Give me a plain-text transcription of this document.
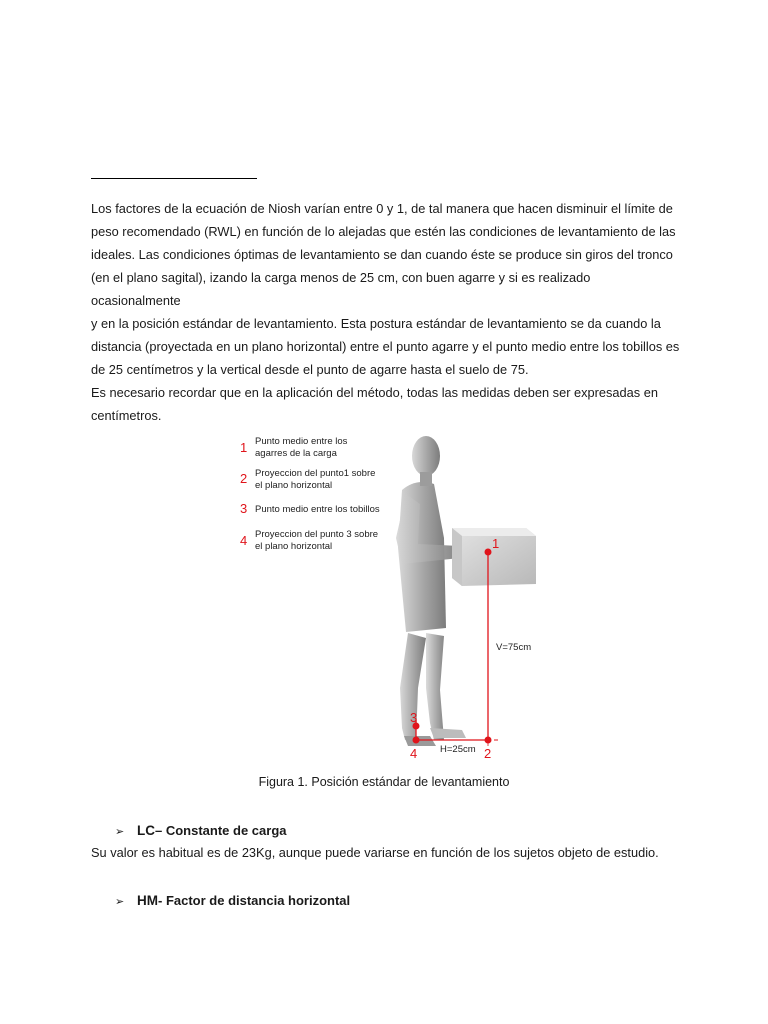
Los factores de la ecuación de Niosh varían entre 0 y 1, de tal manera que hacen disminuir el límite de

peso recomendado (RWL) en función de lo alejadas que estén las condiciones de levantamiento de las

ideales. Las condiciones óptimas de levantamiento se dan cuando éste se produce sin giros del tronco

(en el plano sagital), izando la carga menos de 25 cm, con buen agarre y si es realizado ocasionalmente

y en la posición estándar de levantamiento. Esta postura estándar de levantamiento se da cuando la

distancia (proyectada en un plano horizontal) entre el punto agarre y el punto medio entre los tobillos es

de 25 centímetros y la vertical desde el punto de agarre hasta el suelo de 75.

Es necesario recordar que en la aplicación del método, todas las medidas deben ser expresadas en

centímetros.

1 Punto medio entre los
agarres de la carga
2 Proyeccion del punto1 sobre
el plano horizontal
3 Punto medio entre los tobillos
4 Proyeccion del punto 3 sobre
el plano horizontal
V=75cm
H=25cm
1
2
3
4
Figura 1. Posición estándar de levantamiento
➢ LC – Constante de carga
Su valor es habitual es de 23Kg, aunque puede variarse en función de los sujetos objeto de estudio.
➢ HM - Factor de distancia horizontal
